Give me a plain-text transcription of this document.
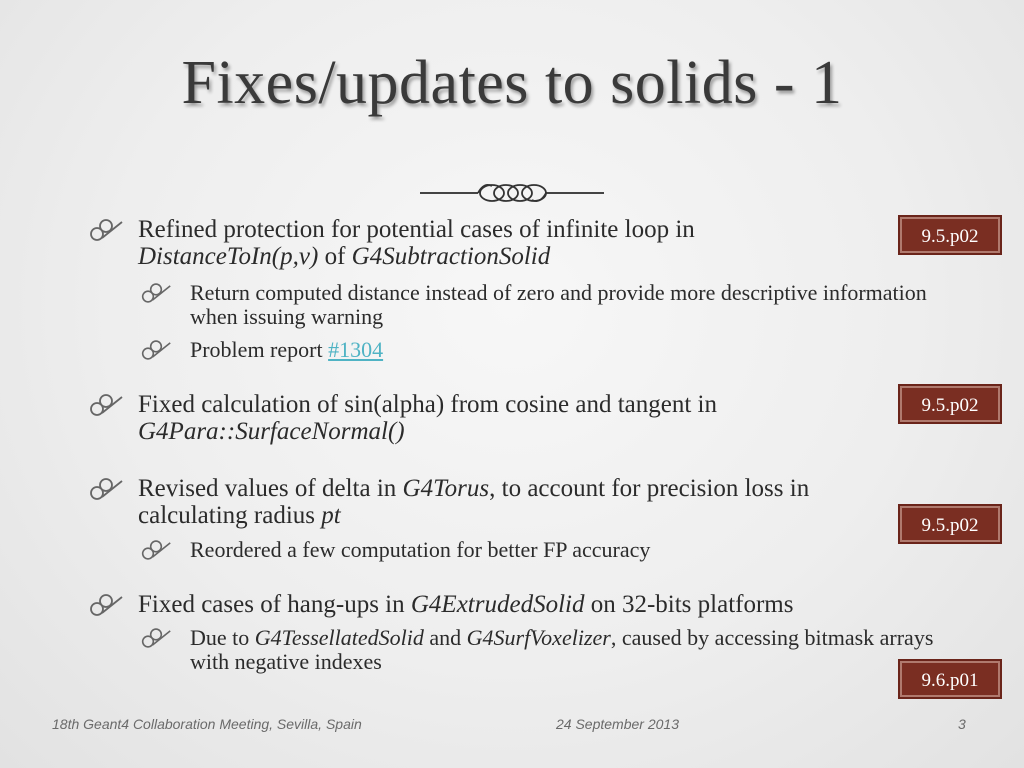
Fixes/updates to solids - 1
Refined protection for potential cases of infinite loop in
DistanceToIn(p,v) of G4SubtractionSolid
9.5.p02
Return computed distance instead of zero and provide more descriptive information when issuing warning
Problem report #1304
Fixed calculation of sin(alpha) from cosine and tangent in
G4Para::SurfaceNormal()
9.5.p02
Revised values of delta in G4Torus, to account for precision loss in calculating radius pt	9.5.p02
Reordered a few computation for better FP accuracy
Fixed cases of hang-ups in G4ExtrudedSolid on 32-bits platforms
Due to G4TessellatedSolid and G4SurfVoxelizer, caused by accessing bitmask arrays with negative indexes
9.6.p01
18th Geant4 Collaboration Meeting, Sevilla, Spain	24 September 2013	3
